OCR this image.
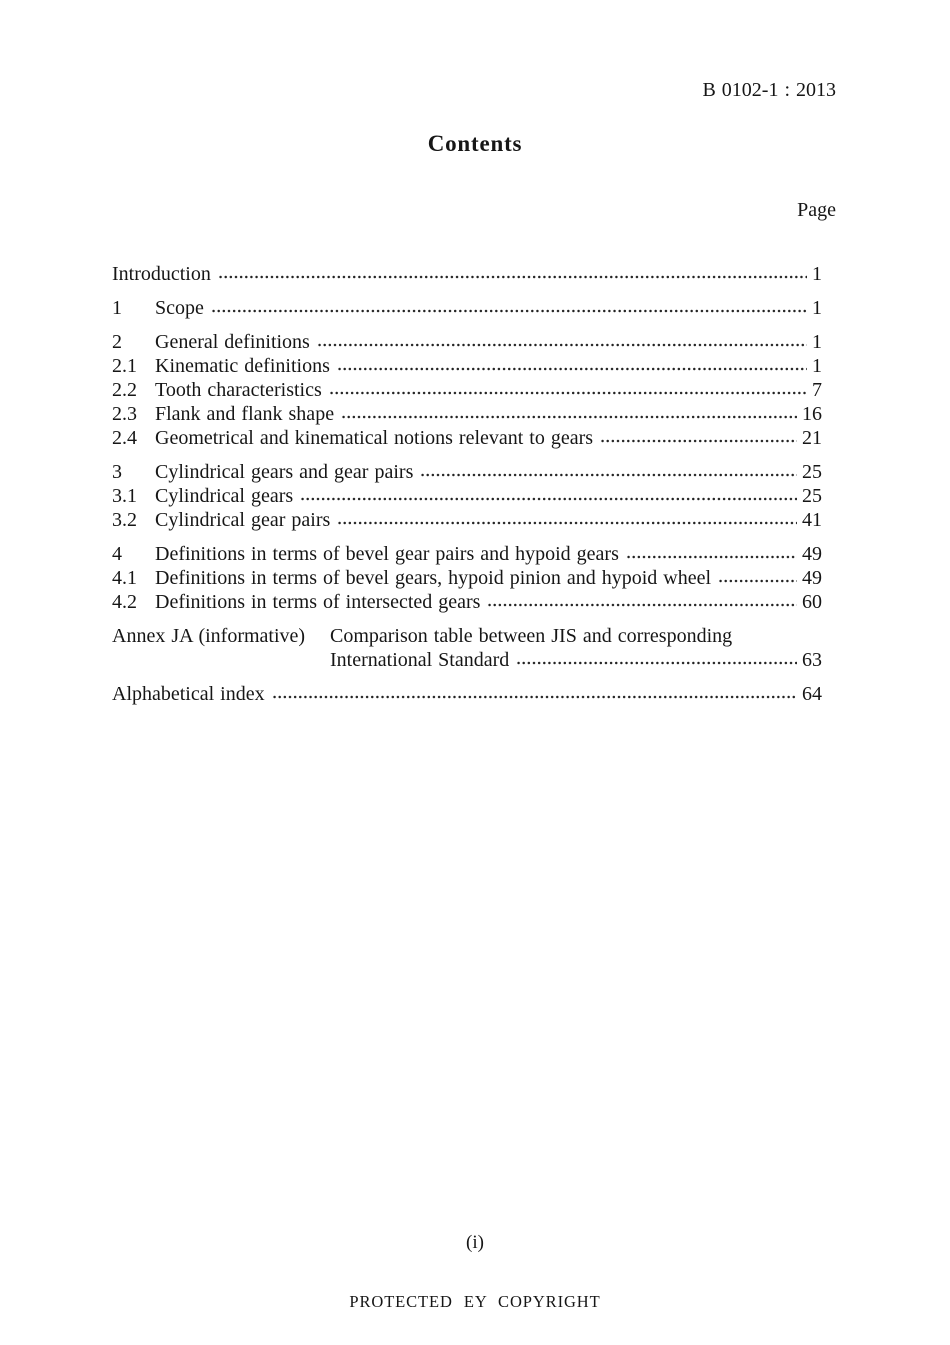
B 0102-1 : 2013
Contents
Page
Introduction	1
1	Scope	1
2	General definitions	1
2.1 Kinematic definitions	1
2.2 Tooth characteristics	7
2.3 Flank and flank shape	16
2.4 Geometrical and kinematical notions relevant to gears	21
3	Cylindrical gears and gear pairs	25
3.1 Cylindrical gears	25
3.2 Cylindrical gear pairs	41
4	Definitions in terms of bevel gear pairs and hypoid gears	49
4.1 Definitions in terms of bevel gears, hypoid pinion and hypoid wheel	49
4.2 Definitions in terms of intersected gears	60
Annex JA (informative)	Comparison table between JIS and corresponding
International Standard	63
Alphabetical index	64
(i)
PROTECTED EY COPYRIGHT
